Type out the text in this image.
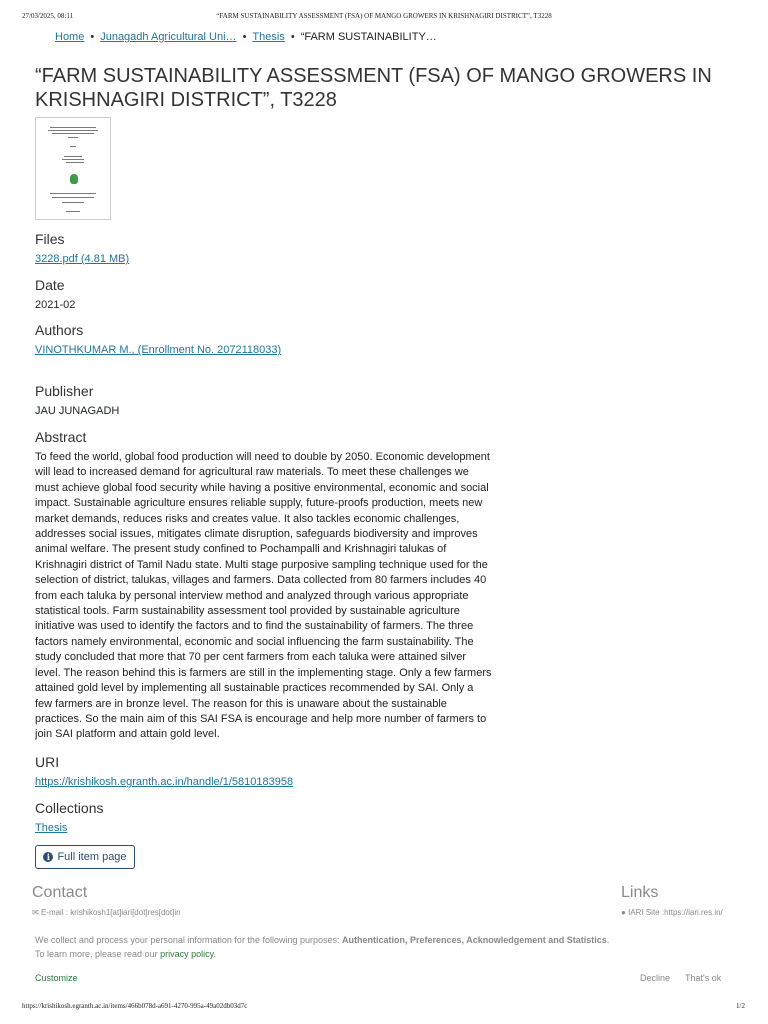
27/03/2025, 08:11	“FARM SUSTAINABILITY ASSESSMENT (FSA) OF MANGO GROWERS IN KRISHNAGIRI DISTRICT”, T3228
Home • Junagadh Agricultural Uni… • Thesis • “FARM SUSTAINABILITY…
“FARM SUSTAINABILITY ASSESSMENT (FSA) OF MANGO GROWERS IN KRISHNAGIRI DISTRICT”, T3228
Files
3228.pdf (4.81 MB)
Date
2021-02
Authors
VINOTHKUMAR M., (Enrollment No. 2072118033)
Publisher
JAU JUNAGADH
Abstract
To feed the world, global food production will need to double by 2050. Economic development will lead to increased demand for agricultural raw materials. To meet these challenges we must achieve global food security while having a positive environmental, economic and social impact. Sustainable agriculture ensures reliable supply, future-proofs production, meets new market demands, reduces risks and creates value. It also tackles economic challenges, addresses social issues, mitigates climate disruption, safeguards biodiversity and improves animal welfare. The present study confined to Pochampalli and Krishnagiri talukas of Krishnagiri district of Tamil Nadu state. Multi stage purposive sampling technique used for the selection of district, talukas, villages and farmers. Data collected from 80 farmers includes 40 from each taluka by personal interview method and analyzed through various appropriate statistical tools. Farm sustainability assessment tool provided by sustainable agriculture initiative was used to identify the factors and to find the sustainability of farmers. The three factors namely environmental, economic and social influencing the farm sustainability. The study concluded that more that 70 per cent farmers from each taluka were attained silver level. The reason behind this is farmers are still in the implementing stage. Only a few farmers attained gold level by implementing all sustainable practices recommended by SAI. Only a few farmers are in bronze level. The reason for this is unaware about the sustainable practices. So the main aim of this SAI FSA is encourage and help more number of farmers to join SAI platform and attain gold level.
URI
https://krishikosh.egranth.ac.in/handle/1/5810183958
Collections
Thesis
i Full item page
Contact
✉ E-mail : krishikosh1[at]iari[dot]res[dot]in
Links
● IARI Site :https://iari.res.in/
We collect and process your personal information for the following purposes: Authentication, Preferences, Acknowledgement and Statistics.
To learn more, please read our privacy policy.
Customize	Decline That's ok
https://krishikosh.egranth.ac.in/items/466b078d-a691-4270-995a-49a02db03d7c	1/2
